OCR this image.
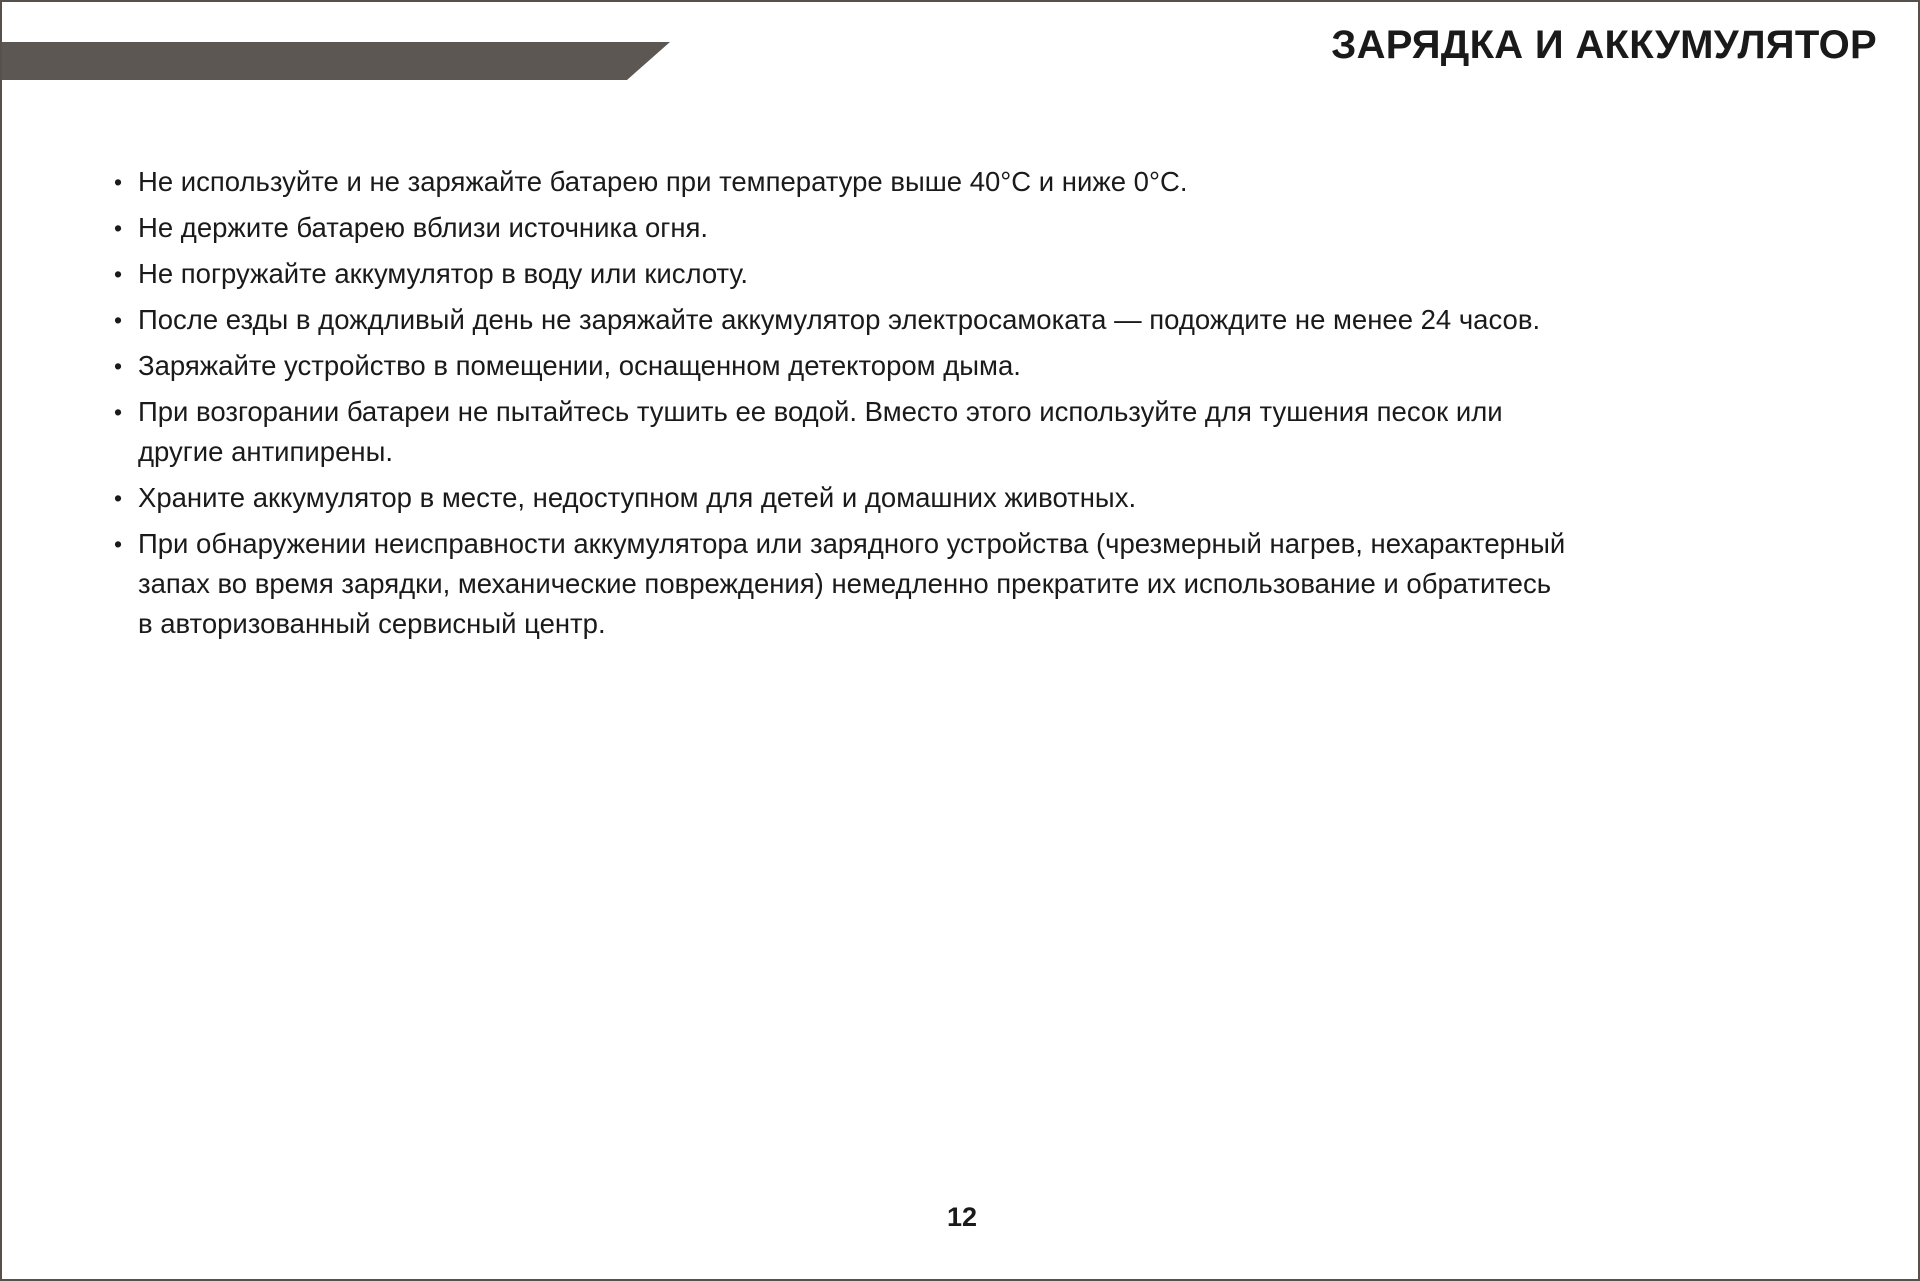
ЗАРЯДКА И АККУМУЛЯТОР
• Не используйте и не заряжайте батарею при температуре выше 40°С и ниже 0°С.
• Не держите батарею вблизи источника огня.
• Не погружайте аккумулятор в воду или кислоту.
• После езды в дождливый день не заряжайте аккумулятор электросамоката — подождите не менее 24 часов.
• Заряжайте устройство в помещении, оснащенном детектором дыма.
• При возгорании батареи не пытайтесь тушить ее водой. Вместо этого используйте для тушения песок или
другие антипирены.
• Храните аккумулятор в месте, недоступном для детей и домашних животных.
• При обнаружении неисправности аккумулятора или зарядного устройства (чрезмерный нагрев, нехарактерный
запах во время зарядки, механические повреждения) немедленно прекратите их использование и обратитесь
в авторизованный сервисный центр.
12
